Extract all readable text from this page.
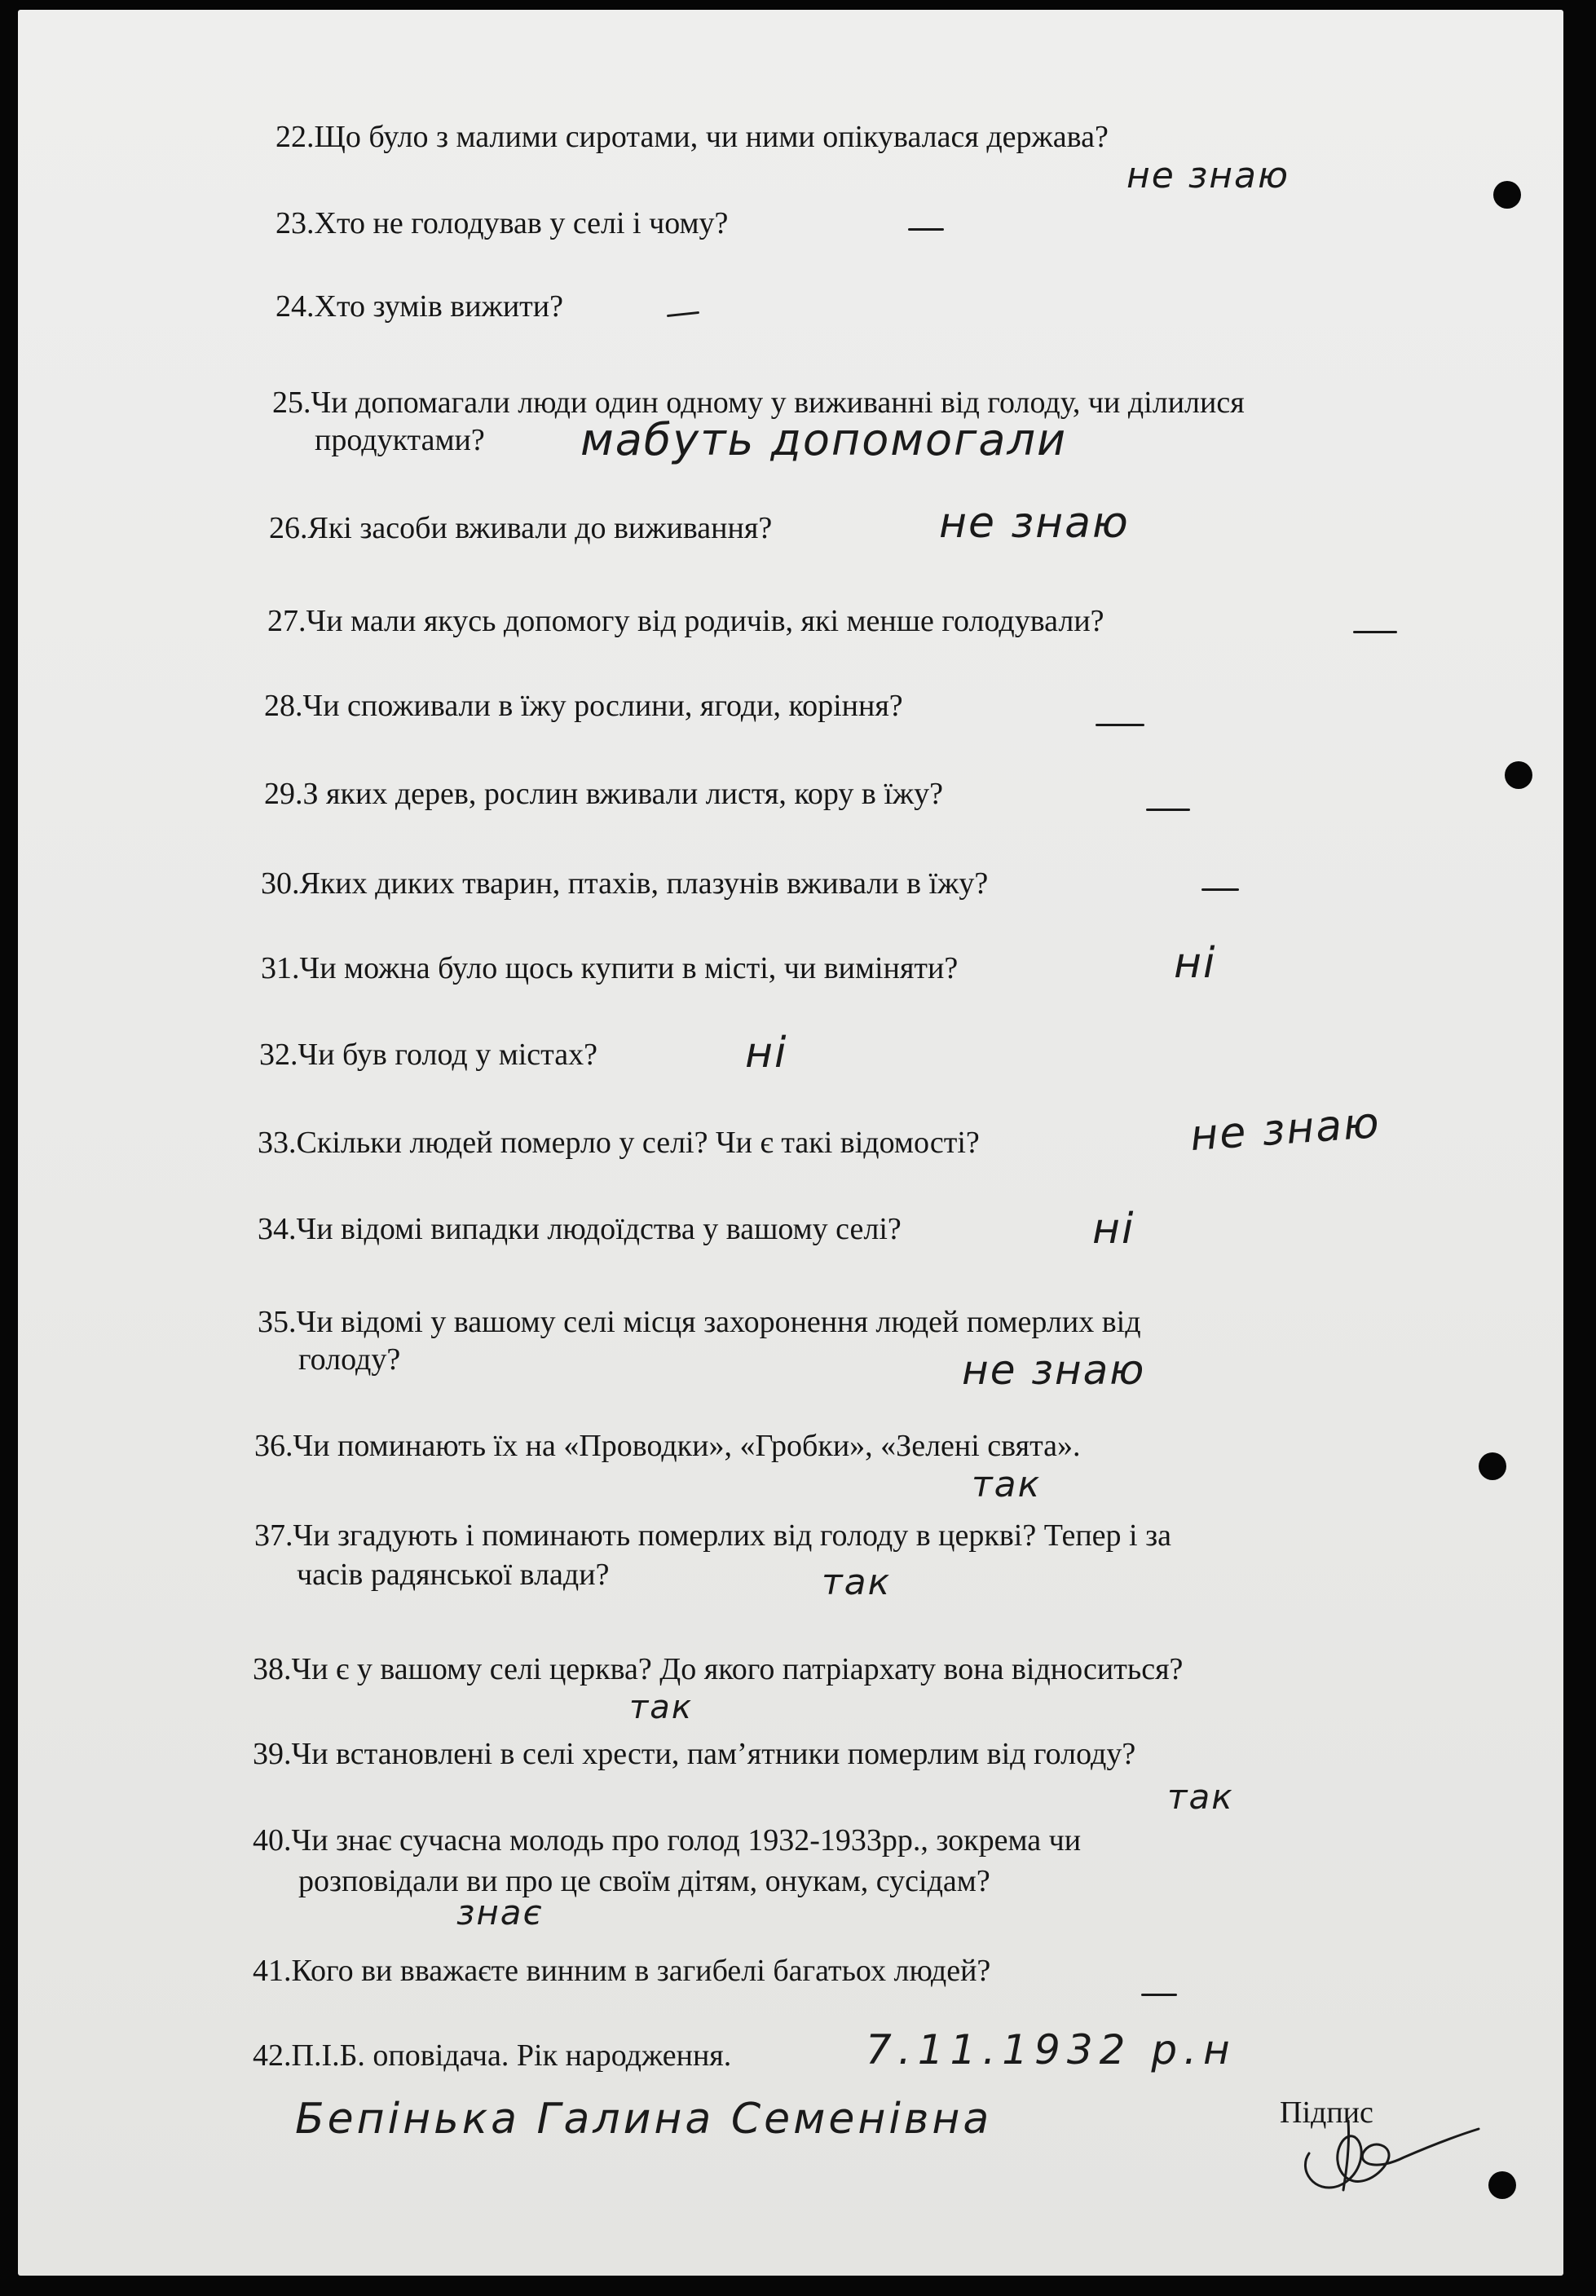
22.Що було з малими сиротами, чи ними опікувалася держава?
не знаю
23.Хто не голодував у селі і чому?
24.Хто зумів вижити?
25.Чи допомагали люди один одному у виживанні від голоду, чи ділилися
продуктами? мабуть допомогали
26.Які засоби вживали до виживання?	не знаю
27.Чи мали якусь допомогу від родичів, які менше голодували?
28.Чи споживали в їжу рослини, ягоди, коріння?
29.З яких дерев, рослин вживали листя, кору в їжу?
30.Яких диких тварин, птахів, плазунів вживали в їжу?
31.Чи можна було щось купити в місті, чи виміняти?	ні
32.Чи був голод у містах?	ні
33.Скільки людей померло у селі? Чи є такі відомості?	не знаю
34.Чи відомі випадки людоїдства у вашому селі?	ні
35.Чи відомі у вашому селі місця захоронення людей померлих від
голоду?	не знаю
36.Чи поминають їх на «Проводки», «Гробки», «Зелені свята».
так
37.Чи згадують і поминають померлих від голоду в церкві? Тепер і за
часів радянської влади?	так
38.Чи є у вашому селі церква? До якого патріархату вона відноситься?
так
39.Чи встановлені в селі хрести, пам’ятники померлим від голоду?
так
40.Чи знає сучасна молодь про голод 1932-1933рр., зокрема чи
розповідали ви про це своїм дітям, онукам, сусідам?
знає
41.Кого ви вважаєте винним в загибелі багатьох людей?
42.П.І.Б. оповідача. Рік народження.	7.11.1932 р.н
Бепінька Галина Семенівна	Підпис
